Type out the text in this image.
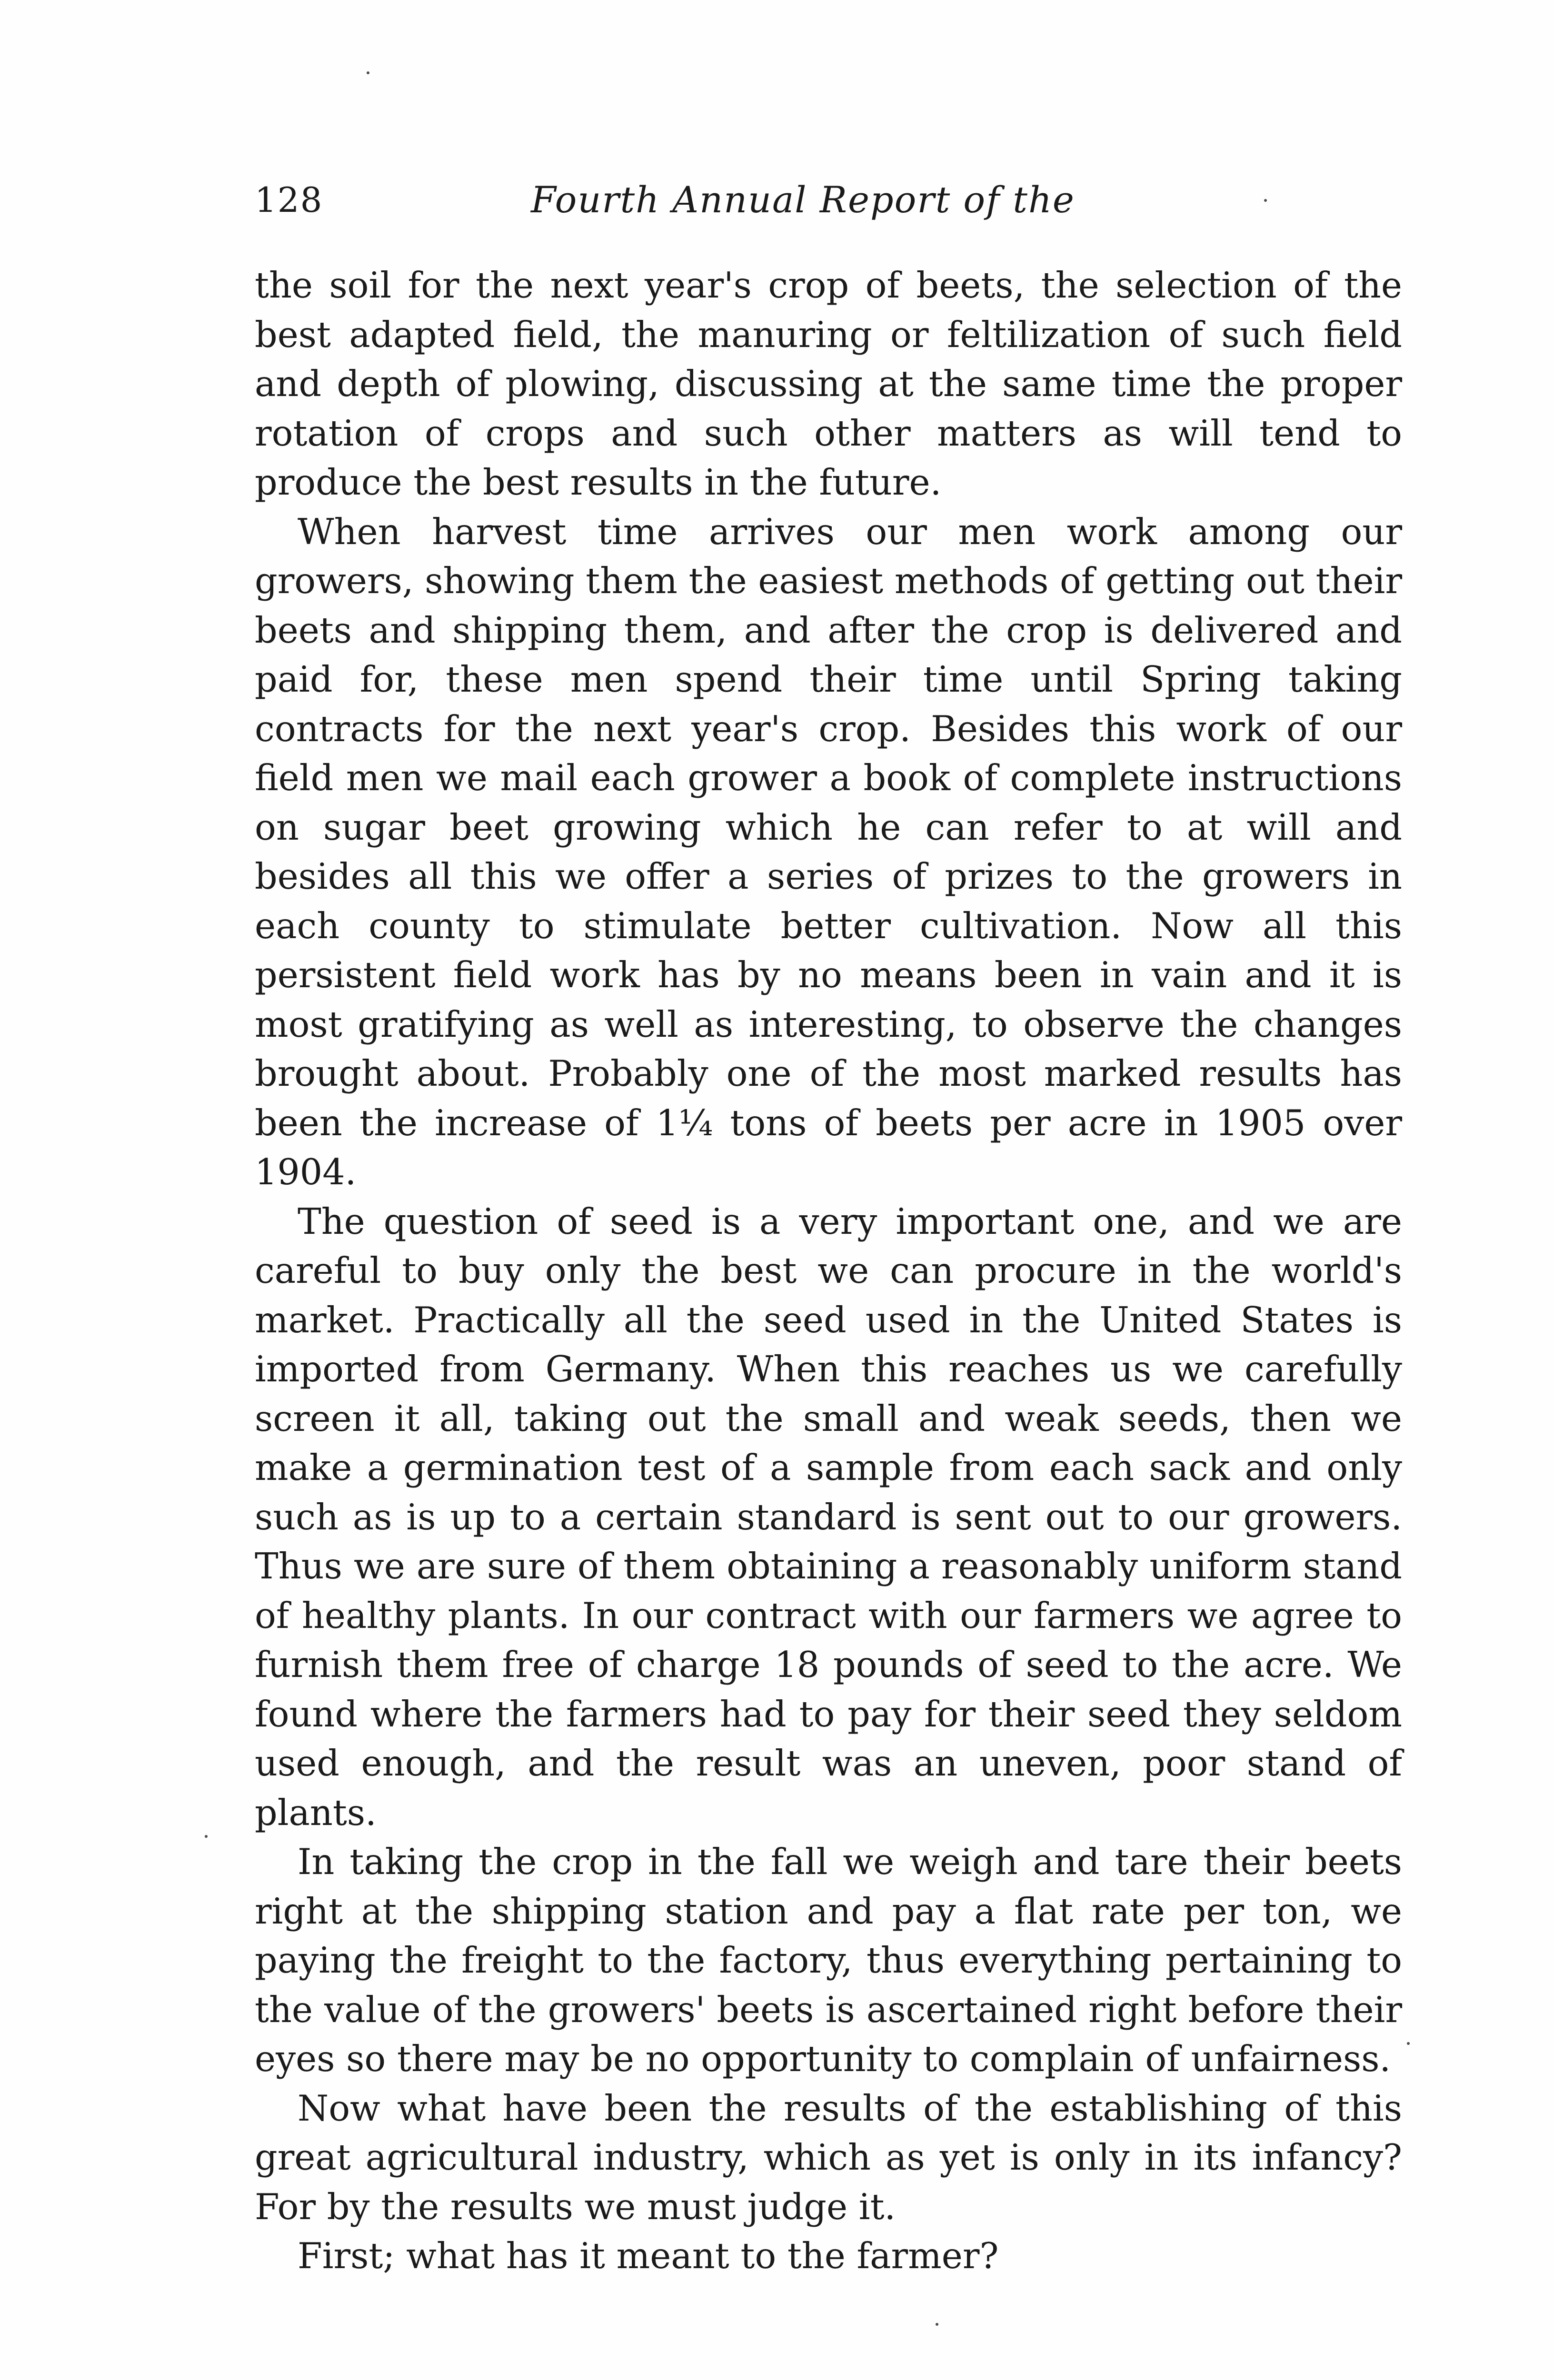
128	Fourth Annual Report of the

the soil for the next year's crop of beets, the selection of the best adapted field, the manuring or feltilization of such field and depth of plowing, discussing at the same time the proper rotation of crops and such other matters as will tend to produce the best results in the future.

When harvest time arrives our men work among our growers, showing them the easiest methods of getting out their beets and shipping them, and after the crop is delivered and paid for, these men spend their time until Spring taking contracts for the next year's crop. Besides this work of our field men we mail each grower a book of complete instructions on sugar beet growing which he can refer to at will and besides all this we offer a series of prizes to the growers in each county to stimulate better cultivation. Now all this persistent field work has by no means been in vain and it is most gratifying as well as interesting, to observe the changes brought about. Probably one of the most marked results has been the increase of 1¼ tons of beets per acre in 1905 over 1904.

The question of seed is a very important one, and we are careful to buy only the best we can procure in the world's market. Practically all the seed used in the United States is imported from Germany. When this reaches us we carefully screen it all, taking out the small and weak seeds, then we make a germination test of a sample from each sack and only such as is up to a certain standard is sent out to our growers. Thus we are sure of them obtaining a reasonably uniform stand of healthy plants. In our contract with our farmers we agree to furnish them free of charge 18 pounds of seed to the acre. We found where the farmers had to pay for their seed they seldom used enough, and the result was an uneven, poor stand of plants.

In taking the crop in the fall we weigh and tare their beets right at the shipping station and pay a flat rate per ton, we paying the freight to the factory, thus everything pertaining to the value of the growers' beets is ascertained right before their eyes so there may be no opportunity to complain of unfairness.

Now what have been the results of the establishing of this great agricultural industry, which as yet is only in its infancy? For by the results we must judge it.

First; what has it meant to the farmer?
